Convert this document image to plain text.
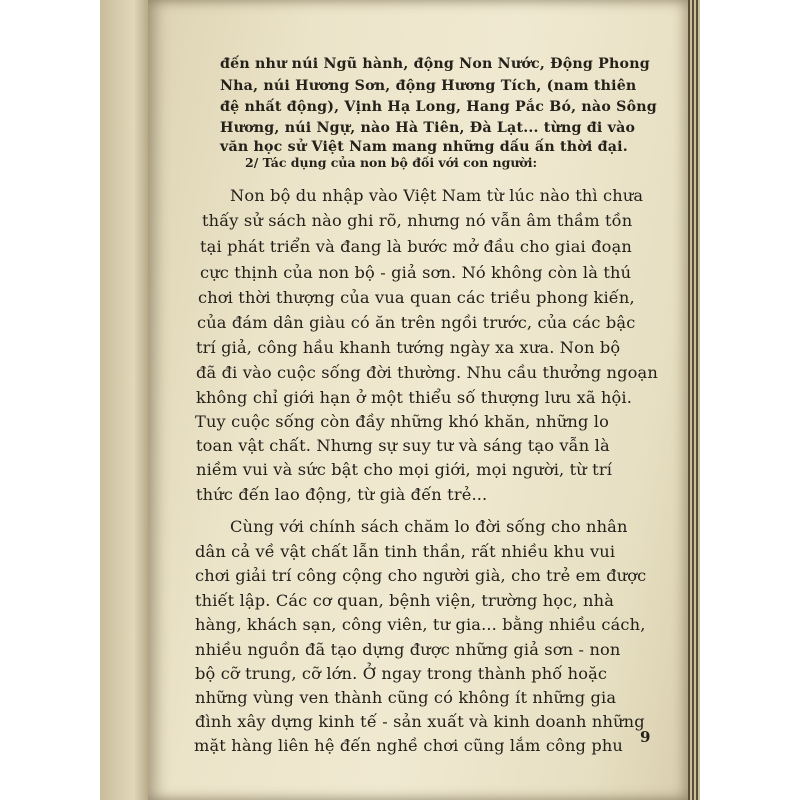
đến như núi Ngũ hành, động Non Nước, Động Phong
Nha, núi Hương Sơn, động Hương Tích, (nam thiên
đệ nhất động), Vịnh Hạ Long, Hang Pắc Bó, nào Sông
Hương, núi Ngự, nào Hà Tiên, Đà Lạt... từng đi vào
văn học sử Việt Nam mang những dấu ấn thời đại.
2/ Tác dụng của non bộ đối với con người:
Non bộ du nhập vào Việt Nam từ lúc nào thì chưa
thấy sử sách nào ghi rõ, nhưng nó vẫn âm thầm tồn
tại phát triển và đang là bước mở đầu cho giai đoạn
cực thịnh của non bộ - giả sơn. Nó không còn là thú
chơi thời thượng của vua quan các triều phong kiến,
của đám dân giàu có ăn trên ngồi trước, của các bậc
trí giả, công hầu khanh tướng ngày xa xưa. Non bộ
đã đi vào cuộc sống đời thường. Nhu cầu thưởng ngoạn
không chỉ giới hạn ở một thiểu số thượng lưu xã hội.
Tuy cuộc sống còn đầy những khó khăn, những lo
toan vật chất. Nhưng sự suy tư và sáng tạo vẫn là
niềm vui và sức bật cho mọi giới, mọi người, từ trí
thức đến lao động, từ già đến trẻ...
Cùng với chính sách chăm lo đời sống cho nhân
dân cả về vật chất lẫn tinh thần, rất nhiều khu vui
chơi giải trí công cộng cho người già, cho trẻ em được
thiết lập. Các cơ quan, bệnh viện, trường học, nhà
hàng, khách sạn, công viên, tư gia... bằng nhiều cách,
nhiều nguồn đã tạo dựng được những giả sơn - non
bộ cỡ trung, cỡ lớn. Ở ngay trong thành phố hoặc
những vùng ven thành cũng có không ít những gia
đình xây dựng kinh tế - sản xuất và kinh doanh những
mặt hàng liên hệ đến nghề chơi cũng lắm công phu 9
